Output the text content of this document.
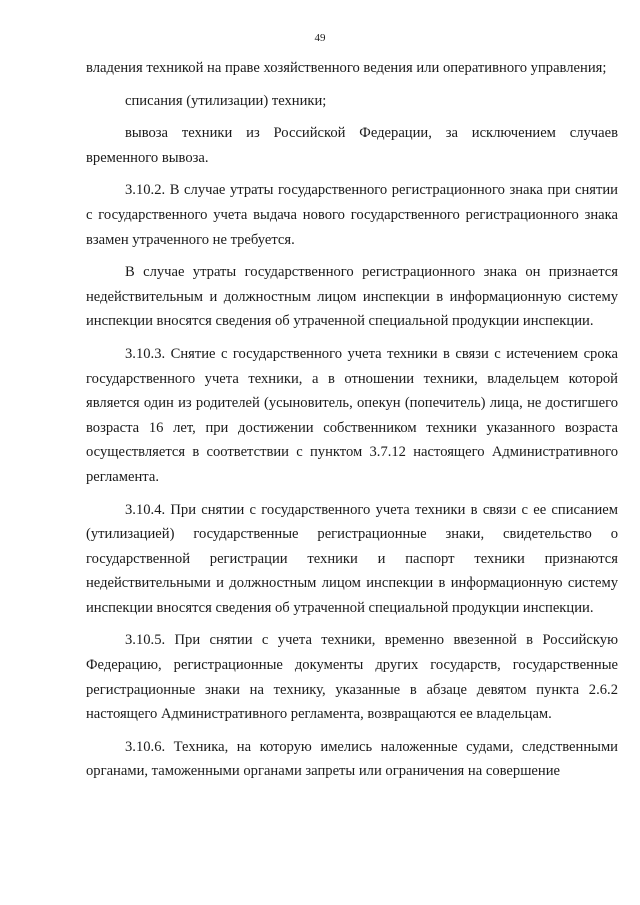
49

владения техникой на праве хозяйственного ведения или оперативного управления;

списания (утилизации) техники;

вывоза техники из Российской Федерации, за исключением случаев временного вывоза.

3.10.2. В случае утраты государственного регистрационного знака при снятии с государственного учета выдача нового государственного регистрационного знака взамен утраченного не требуется.

В случае утраты государственного регистрационного знака он признается недействительным и должностным лицом инспекции в информационную систему инспекции вносятся сведения об утраченной специальной продукции инспекции.

3.10.3. Снятие с государственного учета техники в связи с истечением срока государственного учета техники, а в отношении техники, владельцем которой является один из родителей (усыновитель, опекун (попечитель) лица, не достигшего возраста 16 лет, при достижении собственником техники указанного возраста осуществляется в соответствии с пунктом 3.7.12 настоящего Административного регламента.

3.10.4. При снятии с государственного учета техники в связи с ее списанием (утилизацией) государственные регистрационные знаки, свидетельство о государственной регистрации техники и паспорт техники признаются недействительными и должностным лицом инспекции в информационную систему инспекции вносятся сведения об утраченной специальной продукции инспекции.

3.10.5. При снятии с учета техники, временно ввезенной в Российскую Федерацию, регистрационные документы других государств, государственные регистрационные знаки на технику, указанные в абзаце девятом пункта 2.6.2 настоящего Административного регламента, возвращаются ее владельцам.

3.10.6. Техника, на которую имелись наложенные судами, следственными органами, таможенными органами запреты или ограничения на совершение
